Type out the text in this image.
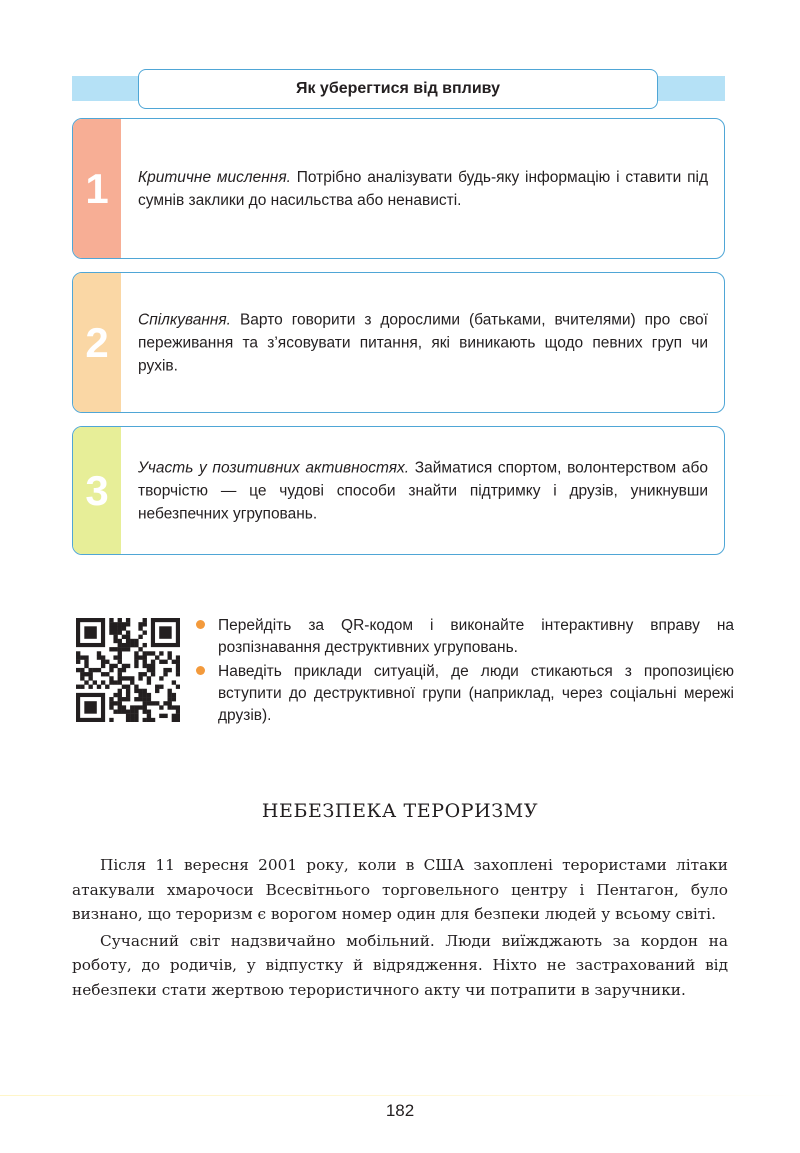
Як уберегтися від впливу
1	Критичне мислення. Потрібно аналізувати будь-яку інформацію і ставити під сумнів заклики до насильства або ненависті.
2	Спілкування. Варто говорити з дорослими (батьками, вчителями) про свої переживання та з’ясовувати питання, які виникають щодо певних груп чи рухів.
3	Участь у позитивних активностях. Займатися спортом, волонтерством або творчістю — це чудові способи знайти підтримку і друзів, уникнувши небезпечних угруповань.
Перейдіть за QR-кодом і виконайте інтерактивну вправу на розпізнавання деструктивних угруповань.
Наведіть приклади ситуацій, де люди стикаються з пропозицією вступити до деструктивної групи (наприклад, через соціальні мережі друзів).
НЕБЕЗПЕКА ТЕРОРИЗМУ

Після 11 вересня 2001 року, коли в США захоплені терористами літаки атакували хмарочоси Всесвітнього торговельного центру і Пентагон, було визнано, що тероризм є ворогом номер один для безпеки людей у всьому світі.

Сучасний світ надзвичайно мобільний. Люди виїжджають за кордон на роботу, до родичів, у відпустку й відрядження. Ніхто не застрахований від небезпеки стати жертвою терористичного акту чи потрапити в заручники.

182
